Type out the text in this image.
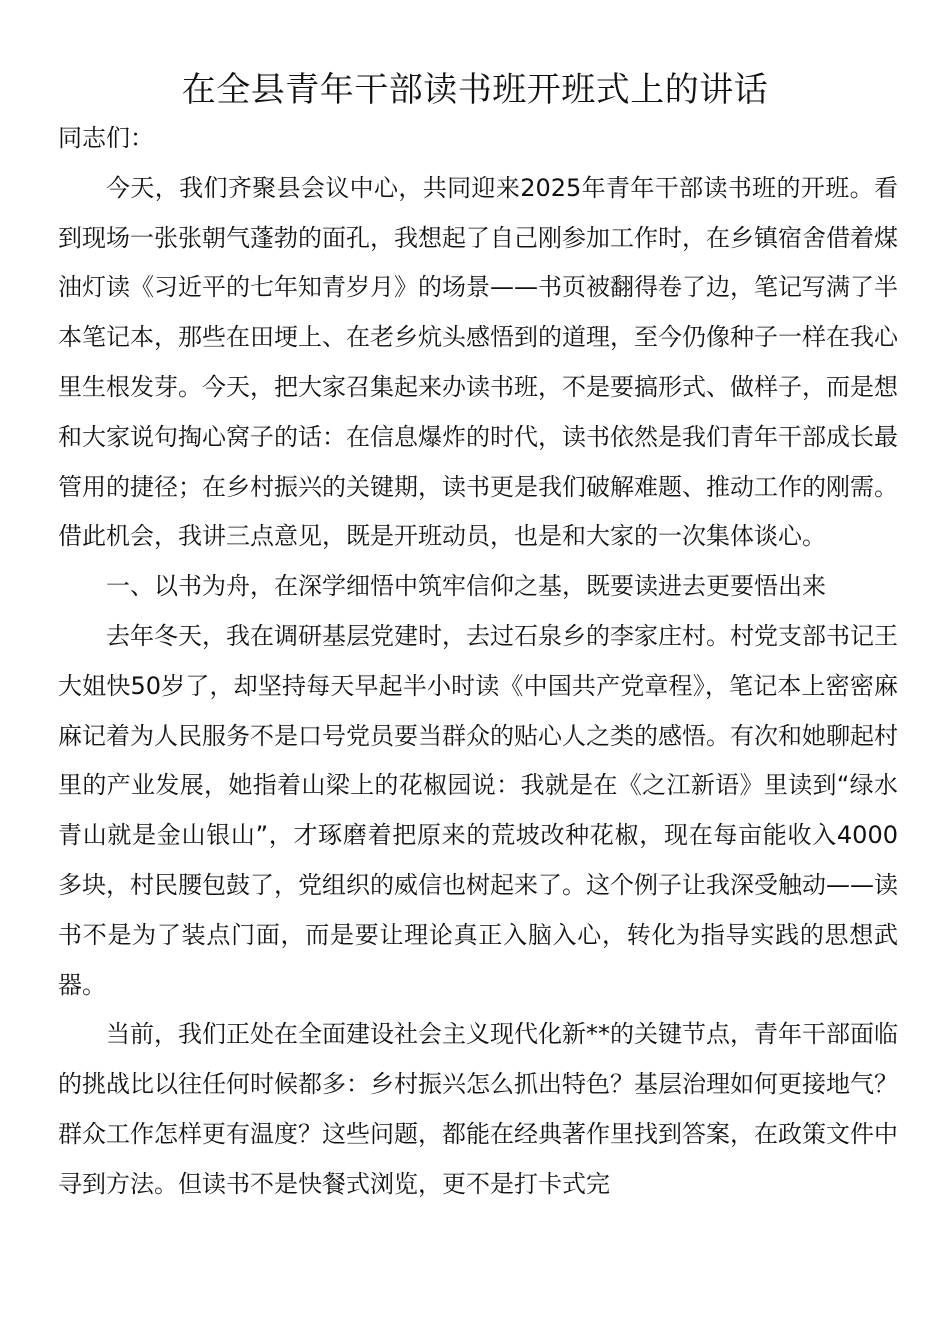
在全县青年干部读书班开班式上的讲话

同志们：

今天，我们齐聚县会议中心，共同迎来2025年青年干部读书班的开班。看到现场一张张朝气蓬勃的面孔，我想起了自己刚参加工作时，在乡镇宿舍借着煤油灯读《习近平的七年知青岁月》的场景——书页被翻得卷了边，笔记写满了半本笔记本，那些在田埂上、在老乡炕头感悟到的道理，至今仍像种子一样在我心里生根发芽。今天，把大家召集起来办读书班，不是要搞形式、做样子，而是想和大家说句掏心窝子的话：在信息爆炸的时代，读书依然是我们青年干部成长最管用的捷径；在乡村振兴的关键期，读书更是我们破解难题、推动工作的刚需。借此机会，我讲三点意见，既是开班动员，也是和大家的一次集体谈心。

一、以书为舟，在深学细悟中筑牢信仰之基，既要读进去更要悟出来

去年冬天，我在调研基层党建时，去过石泉乡的李家庄村。村党支部书记王大姐快50岁了，却坚持每天早起半小时读《中国共产党章程》，笔记本上密密麻麻记着为人民服务不是口号党员要当群众的贴心人之类的感悟。有次和她聊起村里的产业发展，她指着山梁上的花椒园说：我就是在《之江新语》里读到“绿水青山就是金山银山”，才琢磨着把原来的荒坡改种花椒，现在每亩能收入4000多块，村民腰包鼓了，党组织的威信也树起来了。这个例子让我深受触动——读书不是为了装点门面，而是要让理论真正入脑入心，转化为指导实践的思想武器。

当前，我们正处在全面建设社会主义现代化新**的关键节点，青年干部面临的挑战比以往任何时候都多：乡村振兴怎么抓出特色？基层治理如何更接地气？群众工作怎样更有温度？这些问题，都能在经典著作里找到答案，在政策文件中寻到方法。但读书不是快餐式浏览，更不是打卡式完
